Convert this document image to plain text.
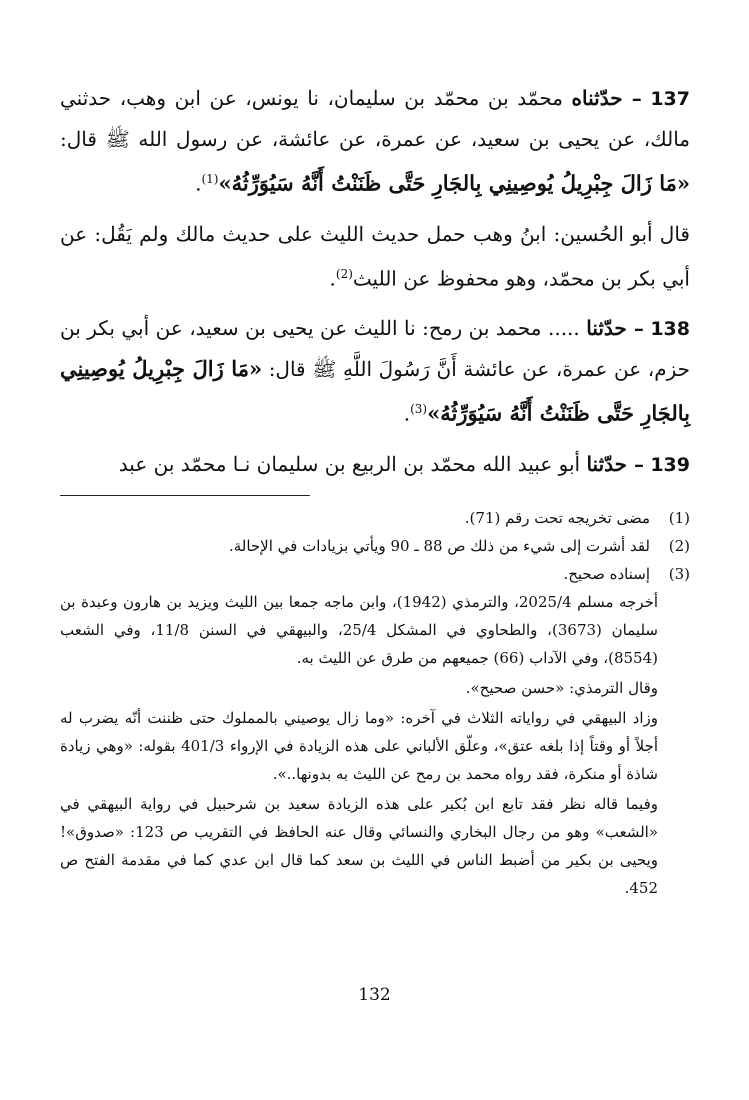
137 – حدّثناه محمّد بن محمّد بن سليمان، نا يونس، عن ابن وهب، حدثني مالك، عن يحيى بن سعيد، عن عمرة، عن عائشة، عن رسول الله ﷺ قال: «مَا زَالَ جِبْرِيلُ يُوصِينِي بِالجَارِ حَتَّى ظَنَنْتُ أَنَّهُ سَيُوَرِّثُهُ»$^{(1)}$.

قال أبو الحُسين: ابنُ وهب حمل حديث الليث على حديث مالك ولم يَقُل: عن أبي بكر بن محمّد، وهو محفوظ عن الليث$^{(2)}$.

138 – حدّثنا ..... محمد بن رمح: نا الليث عن يحيى بن سعيد، عن أبي بكر بن حزم، عن عمرة، عن عائشة أَنَّ رَسُولَ اللَّهِ ﷺ قال: «مَا زَالَ جِبْرِيلُ يُوصِينِي بِالجَارِ حَتَّى ظَنَنْتُ أَنَّهُ سَيُوَرِّثُهُ»$^{(3)}$.

139 – حدّثنا أبو عبيد الله محمّد بن الربيع بن سليمان نـا محمّد بن عبد

(1)
مضى تخريجه تحت رقم (71).
(2)
لقد أشرت إلى شيء من ذلك ص 88 ـ 90 ويأتي بزيادات في الإحالة.
(3)
إسناده صحيح.

أخرجه مسلم 2025/4، والترمذي (1942)، وابن ماجه جمعا بين الليث ويزيد بن هارون وعبدة بن سليمان (3673)، والطحاوي في المشكل 25/4، والبيهقي في السنن 11/8، وفي الشعب (8554)، وفي الآداب (66) جميعهم من طرق عن الليث به.

وقال الترمذي: «حسن صحيح».

وزاد البيهقي في رواياته الثلاث في آخره: «وما زال يوصيني بالمملوك حتى ظننت أنّه يضرب له أجلاً أو وقتاً إذا بلغه عتق»، وعلّق الألباني على هذه الزيادة في الإرواء 401/3 بقوله: «وهي زيادة شاذة أو منكرة، فقد رواه محمد بن رمح عن الليث به بدونها..».

وفيما قاله نظر فقد تابع ابن بُكير على هذه الزيادة سعيد بن شرحبيل في رواية البيهقي في «الشعب» وهو من رجال البخاري والنسائي وقال عنه الحافظ في التقريب ص 123: «صدوق»! ويحيى بن بكير من أضبط الناس في الليث بن سعد كما قال ابن عدي كما في مقدمة الفتح ص 452.

132
